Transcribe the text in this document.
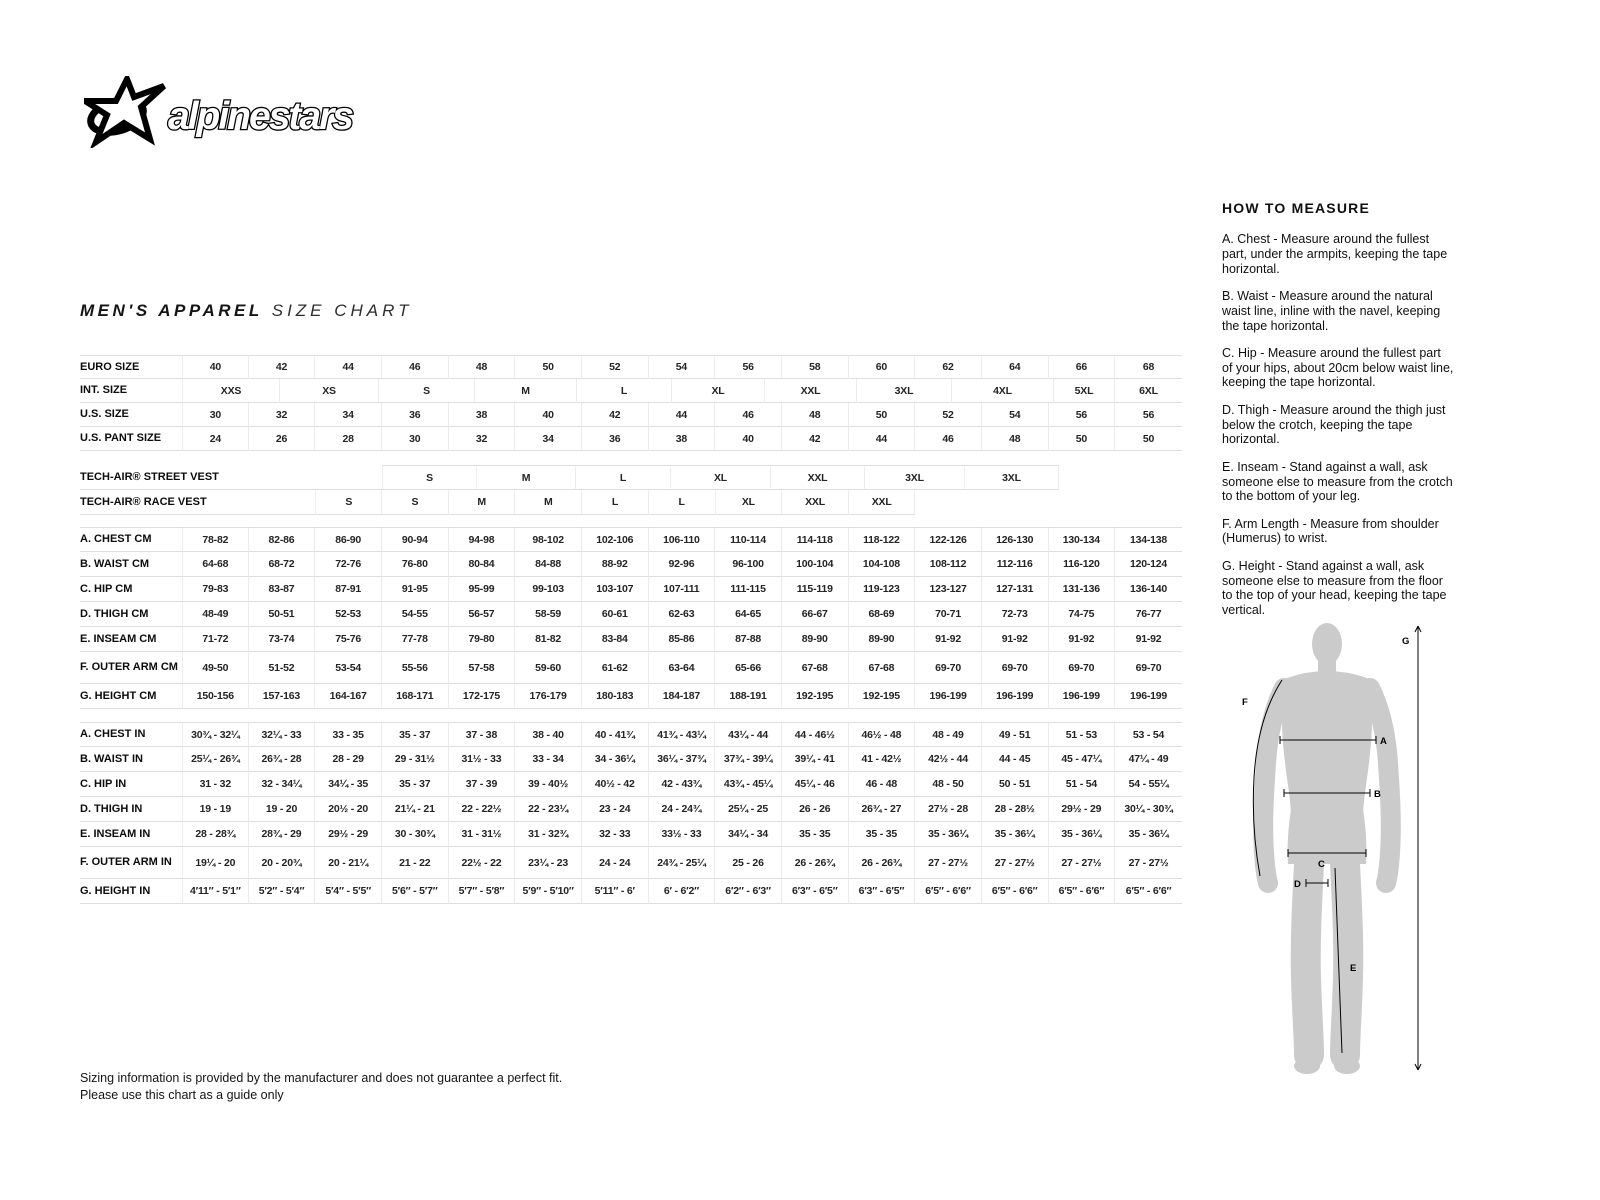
alpinestars
MEN'S APPAREL SIZE CHART
EURO SIZE	40	42	44	46	48	50	52	54	56	58	60	62	64	66	68
INT. SIZE	XXS	XS	S	M	L	XL	XXL	3XL	4XL	5XL	6XL
U.S. SIZE	30	32	34	36	38	40	42	44	46	48	50	52	54	56	56
U.S. PANT SIZE	24	26	28	30	32	34	36	38	40	42	44	46	48	50	50
TECH-AIR® STREET VEST	S	M	L	XL	XXL	3XL	3XL
TECH-AIR® RACE VEST	S	S	M	M	L	L	XL	XXL	XXL
A. CHEST CM	78-82	82-86	86-90	90-94	94-98	98-102	102-106	106-110	110-114	114-118	118-122	122-126	126-130	130-134	134-138
B. WAIST CM	64-68	68-72	72-76	76-80	80-84	84-88	88-92	92-96	96-100	100-104	104-108	108-112	112-116	116-120	120-124
C. HIP CM	79-83	83-87	87-91	91-95	95-99	99-103	103-107	107-111	111-115	115-119	119-123	123-127	127-131	131-136	136-140
D. THIGH CM	48-49	50-51	52-53	54-55	56-57	58-59	60-61	62-63	64-65	66-67	68-69	70-71	72-73	74-75	76-77
E. INSEAM CM	71-72	73-74	75-76	77-78	79-80	81-82	83-84	85-86	87-88	89-90	89-90	91-92	91-92	91-92	91-92
F. OUTER ARM CM	49-50	51-52	53-54	55-56	57-58	59-60	61-62	63-64	65-66	67-68	67-68	69-70	69-70	69-70	69-70
G. HEIGHT CM	150-156	157-163	164-167	168-171	172-175	176-179	180-183	184-187	188-191	192-195	192-195	196-199	196-199	196-199	196-199
A. CHEST IN	30¾ - 32¼	32¼ - 33	33 - 35	35 - 37	37 - 38	38 - 40	40 - 41¾	41¾ - 43¼	43¼ - 44	44 - 46½	46½ - 48	48 - 49	49 - 51	51 - 53	53 - 54
B. WAIST IN	25¼ - 26¾	26¾ - 28	28 - 29	29 - 31½	31½ - 33	33 - 34	34 - 36¼	36¼ - 37¾	37¾ - 39¼	39¼ - 41	41 - 42½	42½ - 44	44 - 45	45 - 47¼	47¼ - 49
C. HIP IN	31 - 32	32 - 34¼	34¼ - 35	35 - 37	37 - 39	39 - 40½	40½ - 42	42 - 43¾	43¾ - 45¼	45¼ - 46	46 - 48	48 - 50	50 - 51	51 - 54	54 - 55¼
D. THIGH IN	19 - 19	19 - 20	20½ - 20	21¼ - 21	22 - 22½	22 - 23¼	23 - 24	24 - 24¾	25¼ - 25	26 - 26	26¾ - 27	27½ - 28	28 - 28½	29½ - 29	30¼ - 30¾
E. INSEAM IN	28 - 28¾	28¾ - 29	29½ - 29	30 - 30¾	31 - 31½	31 - 32¾	32 - 33	33½ - 33	34¼ - 34	35 - 35	35 - 35	35 - 36¼	35 - 36¼	35 - 36¼	35 - 36¼
F. OUTER ARM IN	19¼ - 20	20 - 20¾	20 - 21¼	21 - 22	22½ - 22	23¼ - 23	24 - 24	24¾ - 25¼	25 - 26	26 - 26¾	26 - 26¾	27 - 27½	27 - 27½	27 - 27½	27 - 27½
G. HEIGHT IN	4′11″ - 5′1″	5′2″ - 5′4″	5′4″ - 5′5″	5′6″ - 5′7″	5′7″ - 5′8″	5′9″ - 5′10″	5′11″ - 6′	6′ - 6′2″	6′2″ - 6′3″	6′3″ - 6′5″	6′3″ - 6′5″	6′5″ - 6′6″	6′5″ - 6′6″	6′5″ - 6′6″	6′5″ - 6′6″
HOW TO MEASURE

A. Chest - Measure around the fullest part, under the armpits, keeping the tape horizontal.

B. Waist - Measure around the natural waist line, inline with the navel, keeping the tape horizontal.

C. Hip - Measure around the fullest part of your hips, about 20cm below waist line, keeping the tape horizontal.

D. Thigh - Measure around the thigh just below the crotch, keeping the tape horizontal.

E. Inseam - Stand against a wall, ask someone else to measure from the crotch to the bottom of your leg.

F. Arm Length - Measure from shoulder (Humerus) to wrist.

G. Height - Stand against a wall, ask someone else to measure from the floor to the top of your head, keeping the tape vertical.

A
B
C
D
E
F
G
Sizing information is provided by the manufacturer and does not guarantee a perfect fit.
Please use this chart as a guide only
